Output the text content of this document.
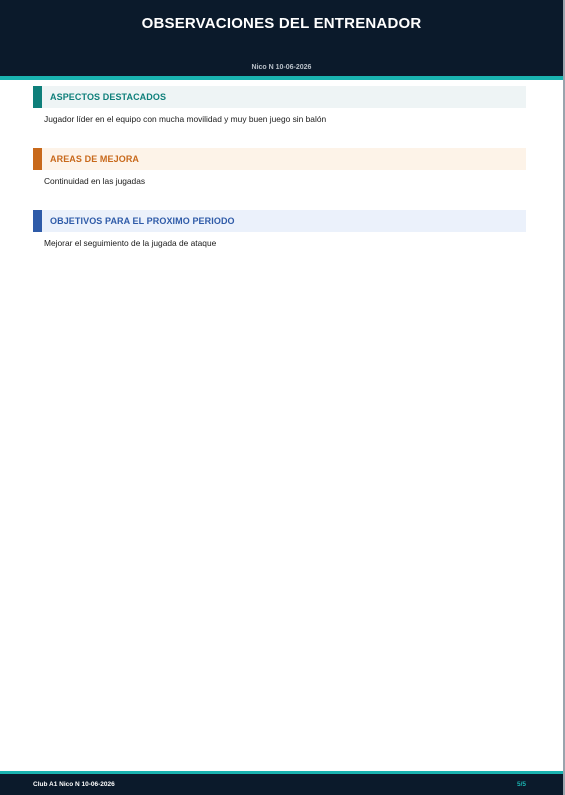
OBSERVACIONES DEL ENTRENADOR
Nico N 10-06-2026
ASPECTOS DESTACADOS
Jugador líder en el equipo con mucha movilidad y muy buen juego sin balón
AREAS DE MEJORA
Continuidad en las jugadas
OBJETIVOS PARA EL PROXIMO PERIODO
Mejorar el seguimiento de la jugada de ataque
Club A1 Nico N 10-06-2026	5/5
